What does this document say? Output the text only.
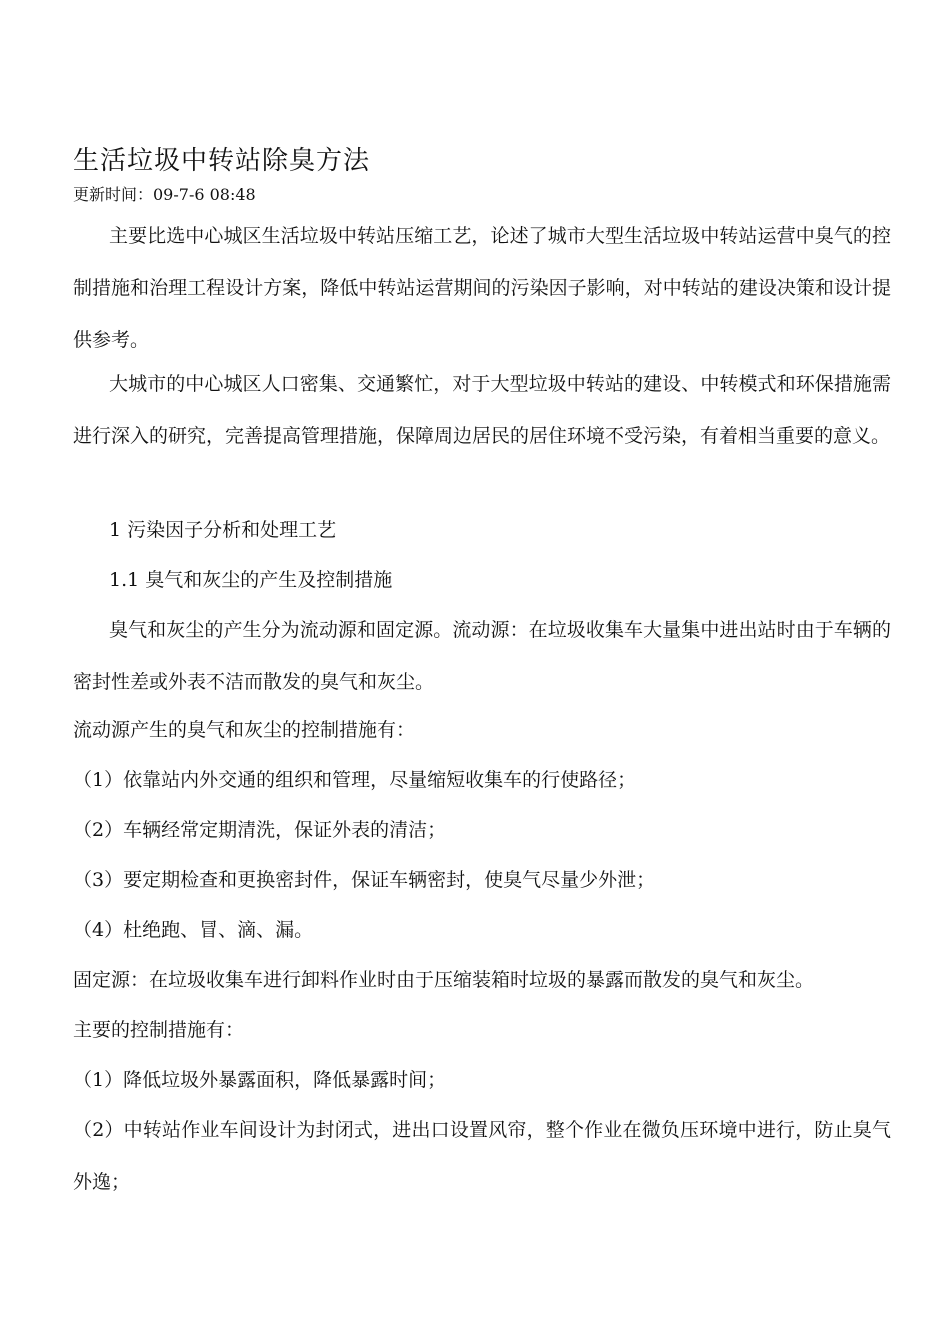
生活垃圾中转站除臭方法
更新时间：09-7-6 08:48

主要比选中心城区生活垃圾中转站压缩工艺，论述了城市大型生活垃圾中转站运营中臭气的控制措施和治理工程设计方案，降低中转站运营期间的污染因子影响，对中转站的建设决策和设计提供参考。

大城市的中心城区人口密集、交通繁忙，对于大型垃圾中转站的建设、中转模式和环保措施需进行深入的研究，完善提高管理措施，保障周边居民的居住环境不受污染，有着相当重要的意义。

1 污染因子分析和处理工艺

1.1 臭气和灰尘的产生及控制措施

臭气和灰尘的产生分为流动源和固定源。流动源：在垃圾收集车大量集中进出站时由于车辆的密封性差或外表不洁而散发的臭气和灰尘。

流动源产生的臭气和灰尘的控制措施有：

（1）依靠站内外交通的组织和管理，尽量缩短收集车的行使路径；

（2）车辆经常定期清洗，保证外表的清洁；

（3）要定期检查和更换密封件，保证车辆密封，使臭气尽量少外泄；

（4）杜绝跑、冒、滴、漏。

固定源：在垃圾收集车进行卸料作业时由于压缩装箱时垃圾的暴露而散发的臭气和灰尘。

主要的控制措施有：

（1）降低垃圾外暴露面积，降低暴露时间；

（2）中转站作业车间设计为封闭式，进出口设置风帘，整个作业在微负压环境中进行，防止臭气外逸；
